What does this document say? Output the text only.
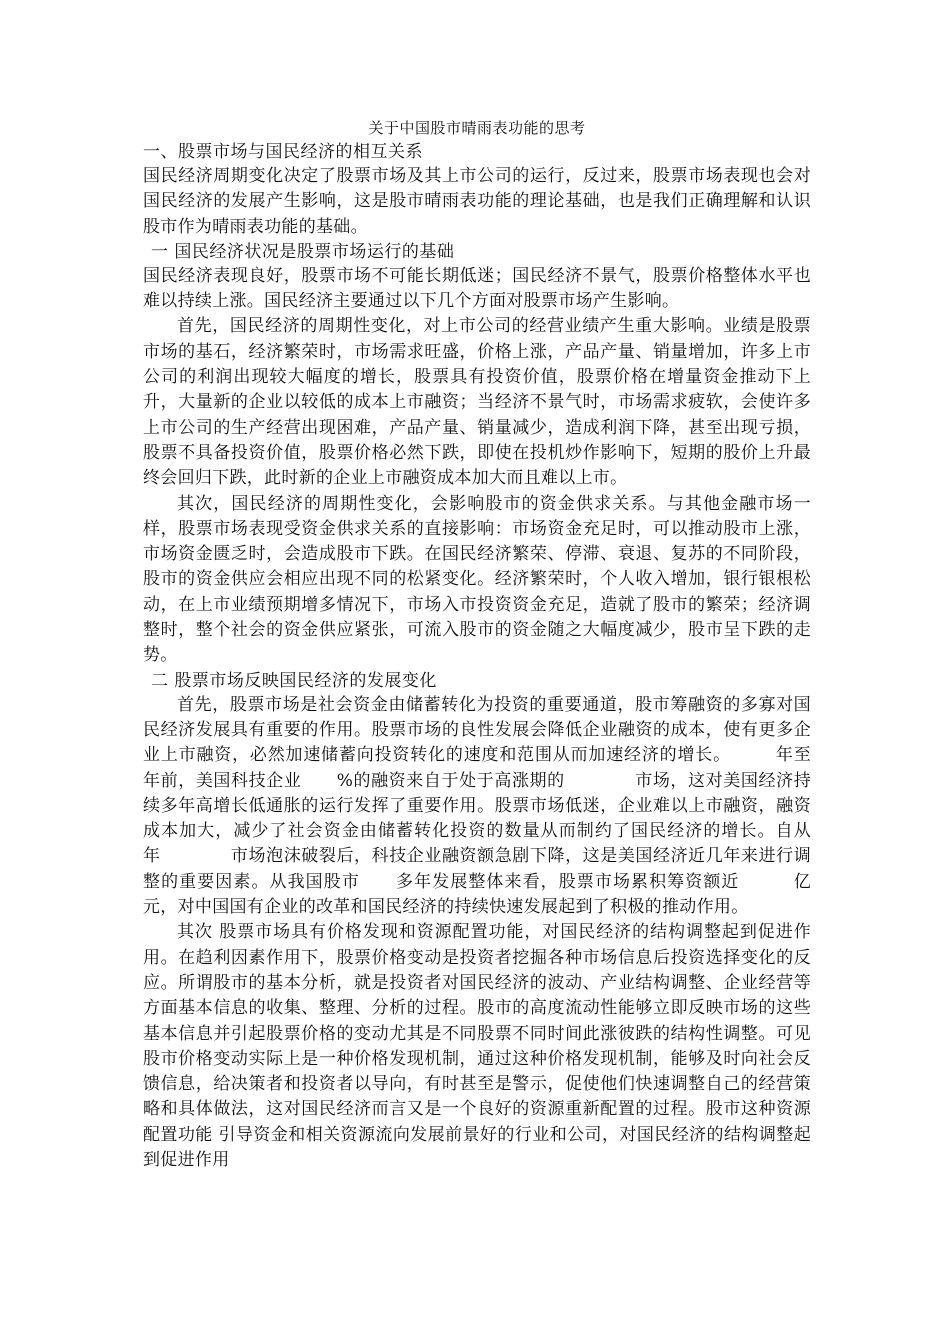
关于中国股市晴雨表功能的思考

一、股票市场与国民经济的相互关系

国民经济周期变化决定了股票市场及其上市公司的运行，反过来，股票市场表现也会对国民经济的发展产生影响，这是股市晴雨表功能的理论基础，也是我们正确理解和认识股市作为晴雨表功能的基础。

一 国民经济状况是股票市场运行的基础

国民经济表现良好，股票市场不可能长期低迷；国民经济不景气，股票价格整体水平也难以持续上涨。国民经济主要通过以下几个方面对股票市场产生影响。

首先，国民经济的周期性变化，对上市公司的经营业绩产生重大影响。业绩是股票市场的基石，经济繁荣时，市场需求旺盛，价格上涨，产品产量、销量增加，许多上市公司的利润出现较大幅度的增长，股票具有投资价值，股票价格在增量资金推动下上升，大量新的企业以较低的成本上市融资；当经济不景气时，市场需求疲软，会使许多上市公司的生产经营出现困难，产品产量、销量减少，造成利润下降，甚至出现亏损，股票不具备投资价值，股票价格必然下跌，即使在投机炒作影响下，短期的股价上升最终会回归下跌，此时新的企业上市融资成本加大而且难以上市。

其次，国民经济的周期性变化，会影响股市的资金供求关系。与其他金融市场一样，股票市场表现受资金供求关系的直接影响：市场资金充足时，可以推动股市上涨，市场资金匮乏时，会造成股市下跌。在国民经济繁荣、停滞、衰退、复苏的不同阶段，股市的资金供应会相应出现不同的松紧变化。经济繁荣时，个人收入增加，银行银根松动，在上市业绩预期增多情况下，市场入市投资资金充足，造就了股市的繁荣；经济调整时，整个社会的资金供应紧张，可流入股市的资金随之大幅度减少，股市呈下跌的走势。

二 股票市场反映国民经济的发展变化

首先，股票市场是社会资金由储蓄转化为投资的重要通道，股市筹融资的多寡对国民经济发展具有重要的作用。股票市场的良性发展会降低企业融资的成本，使有更多企业上市融资，必然加速储蓄向投资转化的速度和范围从而加速经济的增长。　　　年至　　　年前，美国科技企业　　%的融资来自于处于高涨期的　　　　市场，这对美国经济持续多年高增长低通胀的运行发挥了重要作用。股票市场低迷，企业难以上市融资，融资成本加大，减少了社会资金由储蓄转化投资的数量从而制约了国民经济的增长。自从　　　年　　　　市场泡沫破裂后，科技企业融资额急剧下降，这是美国经济近几年来进行调整的重要因素。从我国股市　　多年发展整体来看，股票市场累积筹资额近　　　亿元，对中国国有企业的改革和国民经济的持续快速发展起到了积极的推动作用。

其次 股票市场具有价格发现和资源配置功能，对国民经济的结构调整起到促进作用。在趋利因素作用下，股票价格变动是投资者挖掘各种市场信息后投资选择变化的反应。所谓股市的基本分析，就是投资者对国民经济的波动、产业结构调整、企业经营等方面基本信息的收集、整理、分析的过程。股市的高度流动性能够立即反映市场的这些基本信息并引起股票价格的变动尤其是不同股票不同时间此涨彼跌的结构性调整。可见股市价格变动实际上是一种价格发现机制，通过这种价格发现机制，能够及时向社会反馈信息，给决策者和投资者以导向，有时甚至是警示，促使他们快速调整自己的经营策略和具体做法，这对国民经济而言又是一个良好的资源重新配置的过程。股市这种资源配置功能 引导资金和相关资源流向发展前景好的行业和公司，对国民经济的结构调整起到促进作用
